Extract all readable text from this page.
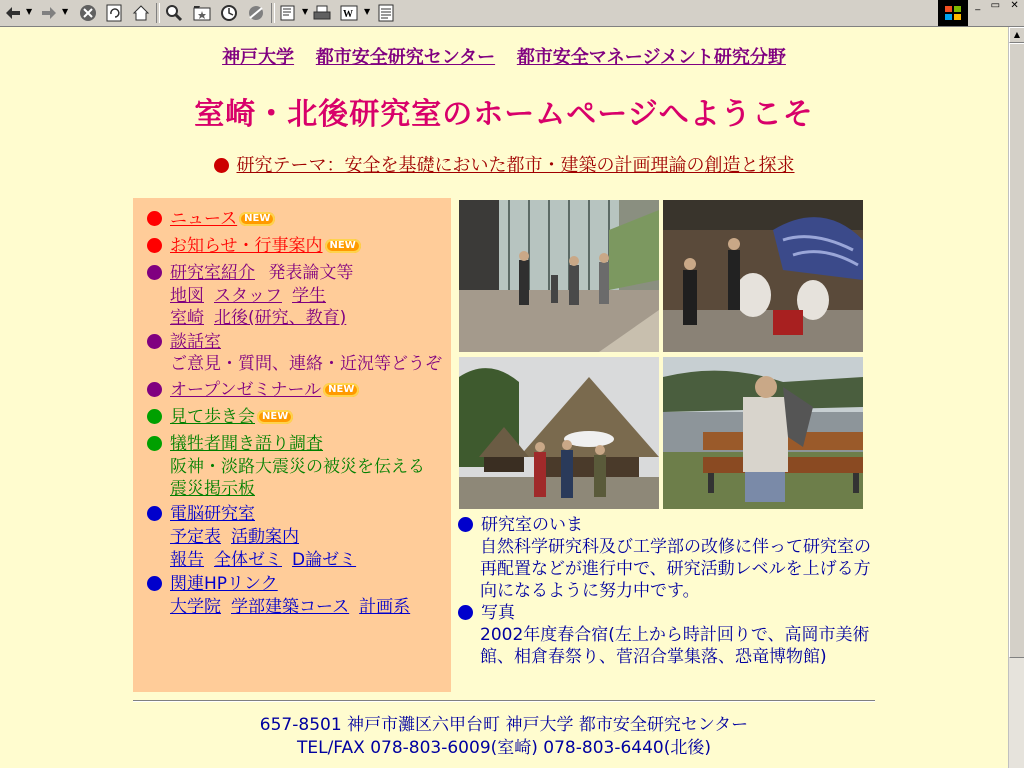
▼	▼	▼	W ▼
_ ▭ ✕
神戸大学 都市安全研究センター 都市安全マネージメント研究分野
室崎・北後研究室のホームページへようこそ
研究テーマ：安全を基礎においた都市・建築の計画理論の創造と探求
ニュース NEW
お知らせ・行事案内 NEW
研究室紹介 発表論文等
地図 スタッフ 学生
室崎 北後(研究、教育)
談話室
ご意見・質問、連絡・近況等どうぞ
オープンゼミナール NEW
見て歩き会 NEW
犠牲者聞き語り調査
阪神・淡路大震災の被災を伝える
震災掲示板
電脳研究室
予定表 活動案内
報告 全体ゼミ D論ゼミ
関連HPリンク
大学院 学部建築コース 計画系
研究室のいま
自然科学研究科及び工学部の改修に伴って研究室の再配置などが進行中で、研究活動レベルを上げる方向になるように努力中です。
写真
2002年度春合宿(左上から時計回りで、高岡市美術館、相倉春祭り、菅沼合掌集落、恐竜博物館)
657-8501 神戸市灘区六甲台町 神戸大学 都市安全研究センター
TEL/FAX 078-803-6009(室崎) 078-803-6440(北後)
▲
